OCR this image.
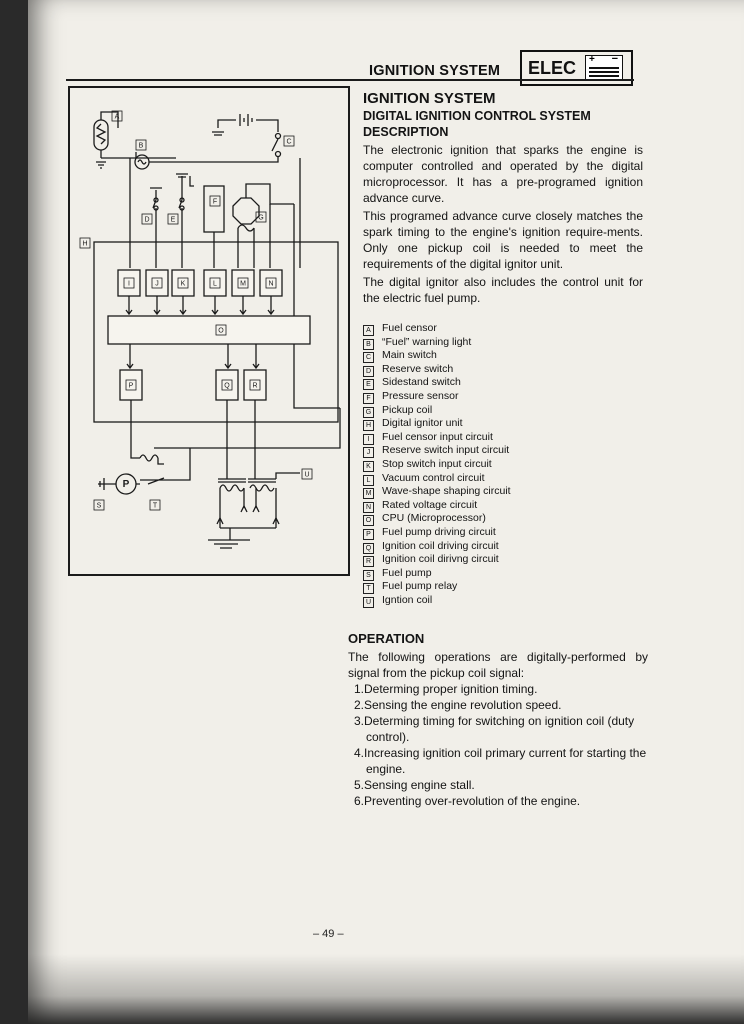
ELEC + −
IGNITION SYSTEM
A
C
B
D	E
F
G
H
I	J	K	L	M	N
O
P	Q	R
T
P
S
U

IGNITION SYSTEM

DIGITAL IGNITION CONTROL SYSTEM

DESCRIPTION

The electronic ignition that sparks the engine is computer controlled and operated by the digital microprocessor. It has a pre-programed ignition advance curve.

This programed advance curve closely matches the spark timing to the engine's ignition require-ments. Only one pickup coil is needed to meet the requirements of the digital ignitor unit.

The digital ignitor also includes the control unit for the electric fuel pump.

A Fuel censor
B “Fuel” warning light
C Main switch
D Reserve switch
E Sidestand switch
F Pressure sensor
G Pickup coil
H Digital ignitor unit
I Fuel censor input circuit
J Reserve switch input circuit
K Stop switch input circuit
L Vacuum control circuit
M Wave-shape shaping circuit
N Rated voltage circuit
O CPU (Microprocessor)
P Fuel pump driving circuit
Q Ignition coil driving circuit
R Ignition coil dirivng circuit
S Fuel pump
T Fuel pump relay
U Igntion coil

OPERATION

The following operations are digitally-performed by signal from the pickup coil signal:

1.Determing proper ignition timing.
2.Sensing the engine revolution speed.
3.Determing timing for switching on ignition coil (duty control).
4.Increasing ignition coil primary current for starting the engine.
5.Sensing engine stall.
6.Preventing over-revolution of the engine.
– 49 –
